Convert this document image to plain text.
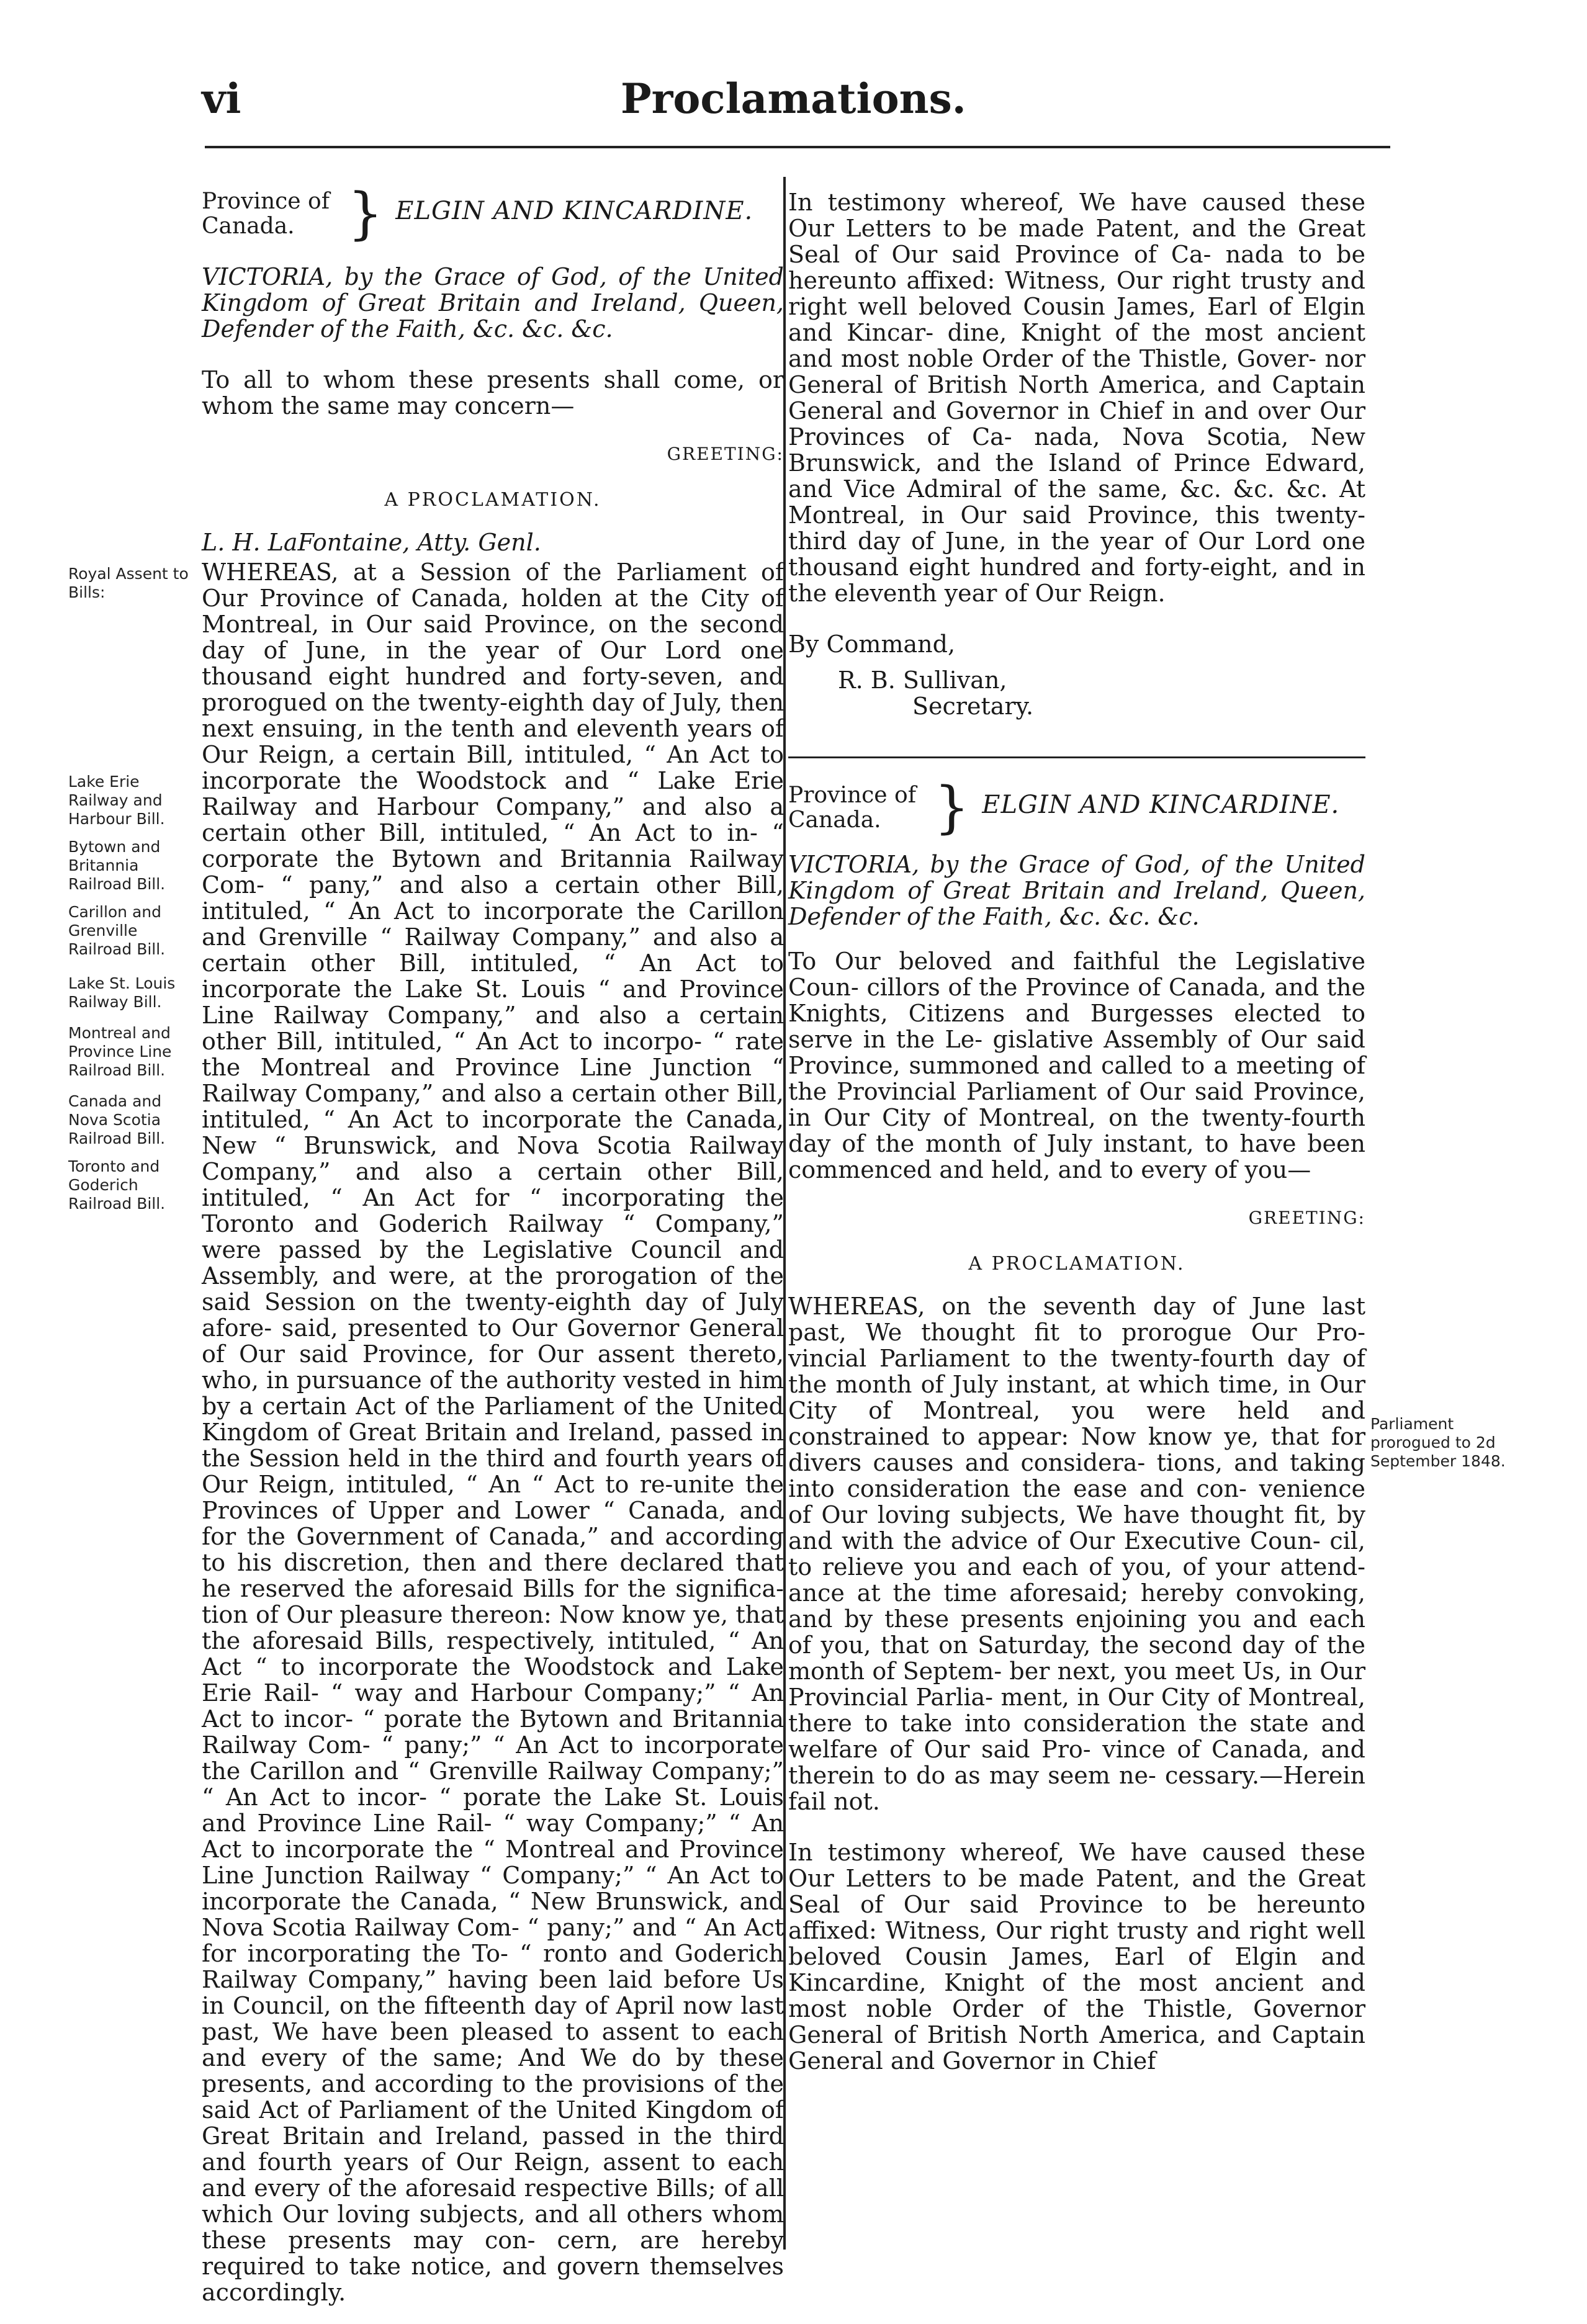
vi	Proclamations.
Royal Assent to Bills:
Lake Erie Railway and Harbour Bill.
Bytown and Britannia Railroad Bill.
Carillon and Grenville Railroad Bill.
Lake St. Louis Railway Bill.
Montreal and Province Line Railroad Bill.
Canada and Nova Scotia Railroad Bill.
Toronto and Goderich Railroad Bill.
Parliament prorogued to 2d September 1848.
Province of Canada. } ELGIN AND KINCARDINE.

VICTORIA, by the Grace of God, of the United Kingdom of Great Britain and Ireland, Queen, Defender of the Faith, &c. &c. &c.

To all to whom these presents shall come, or whom the same may concern—

GREETING:
A PROCLAMATION.

L. H. LaFontaine, Atty. Genl.

WHEREAS, at a Session of the Parliament of Our Province of Canada, holden at the City of Montreal, in Our said Province, on the second day of June, in the year of Our Lord one thousand eight hundred and forty-seven, and prorogued on the twenty-eighth day of July, then next ensuing, in the tenth and eleventh years of Our Reign, a certain Bill, intituled, “ An Act to incorporate the Woodstock and “ Lake Erie Railway and Harbour Company,” and also a certain other Bill, intituled, “ An Act to in- “ corporate the Bytown and Britannia Railway Com- “ pany,” and also a certain other Bill, intituled, “ An Act to incorporate the Carillon and Grenville “ Railway Company,” and also a certain other Bill, intituled, “ An Act to incorporate the Lake St. Louis “ and Province Line Railway Company,” and also a certain other Bill, intituled, “ An Act to incorpo- “ rate the Montreal and Province Line Junction “ Railway Company,” and also a certain other Bill, intituled, “ An Act to incorporate the Canada, New “ Brunswick, and Nova Scotia Railway Company,” and also a certain other Bill, intituled, “ An Act for “ incorporating the Toronto and Goderich Railway “ Company,” were passed by the Legislative Council and Assembly, and were, at the prorogation of the said Session on the twenty-eighth day of July afore- said, presented to Our Governor General of Our said Province, for Our assent thereto, who, in pursuance of the authority vested in him by a certain Act of the Parliament of the United Kingdom of Great Britain and Ireland, passed in the Session held in the third and fourth years of Our Reign, intituled, “ An “ Act to re-unite the Provinces of Upper and Lower “ Canada, and for the Government of Canada,” and according to his discretion, then and there declared that he reserved the aforesaid Bills for the significa- tion of Our pleasure thereon: Now know ye, that the aforesaid Bills, respectively, intituled, “ An Act “ to incorporate the Woodstock and Lake Erie Rail- “ way and Harbour Company;” “ An Act to incor- “ porate the Bytown and Britannia Railway Com- “ pany;” “ An Act to incorporate the Carillon and “ Grenville Railway Company;” “ An Act to incor- “ porate the Lake St. Louis and Province Line Rail- “ way Company;” “ An Act to incorporate the “ Montreal and Province Line Junction Railway “ Company;” “ An Act to incorporate the Canada, “ New Brunswick, and Nova Scotia Railway Com- “ pany;” and “ An Act for incorporating the To- “ ronto and Goderich Railway Company,” having been laid before Us in Council, on the fifteenth day of April now last past, We have been pleased to assent to each and every of the same; And We do by these presents, and according to the provisions of the said Act of Parliament of the United Kingdom of Great Britain and Ireland, passed in the third and fourth years of Our Reign, assent to each and every of the aforesaid respective Bills; of all which Our loving subjects, and all others whom these presents may con- cern, are hereby required to take notice, and govern themselves accordingly.

In testimony whereof, We have caused these Our Letters to be made Patent, and the Great Seal of Our said Province of Ca- nada to be hereunto affixed: Witness, Our right trusty and right well beloved Cousin James, Earl of Elgin and Kincar- dine, Knight of the most ancient and most noble Order of the Thistle, Gover- nor General of British North America, and Captain General and Governor in Chief in and over Our Provinces of Ca- nada, Nova Scotia, New Brunswick, and the Island of Prince Edward, and Vice Admiral of the same, &c. &c. &c. At Montreal, in Our said Province, this twenty-third day of June, in the year of Our Lord one thousand eight hundred and forty-eight, and in the eleventh year of Our Reign.

By Command,

R. B. Sullivan,

Secretary.

Province of Canada. } ELGIN AND KINCARDINE.

VICTORIA, by the Grace of God, of the United Kingdom of Great Britain and Ireland, Queen, Defender of the Faith, &c. &c. &c.

To Our beloved and faithful the Legislative Coun- cillors of the Province of Canada, and the Knights, Citizens and Burgesses elected to serve in the Le- gislative Assembly of Our said Province, summoned and called to a meeting of the Provincial Parliament of Our said Province, in Our City of Montreal, on the twenty-fourth day of the month of July instant, to have been commenced and held, and to every of you—

GREETING:
A PROCLAMATION.

WHEREAS, on the seventh day of June last past, We thought fit to prorogue Our Pro- vincial Parliament to the twenty-fourth day of the month of July instant, at which time, in Our City of Montreal, you were held and constrained to appear: Now know ye, that for divers causes and considera- tions, and taking into consideration the ease and con- venience of Our loving subjects, We have thought fit, by and with the advice of Our Executive Coun- cil, to relieve you and each of you, of your attend- ance at the time aforesaid; hereby convoking, and by these presents enjoining you and each of you, that on Saturday, the second day of the month of Septem- ber next, you meet Us, in Our Provincial Parlia- ment, in Our City of Montreal, there to take into consideration the state and welfare of Our said Pro- vince of Canada, and therein to do as may seem ne- cessary.—Herein fail not.

In testimony whereof, We have caused these Our Letters to be made Patent, and the Great Seal of Our said Province to be hereunto affixed: Witness, Our right trusty and right well beloved Cousin James, Earl of Elgin and Kincardine, Knight of the most ancient and most noble Order of the Thistle, Governor General of British North America, and Captain General and Governor in Chief
